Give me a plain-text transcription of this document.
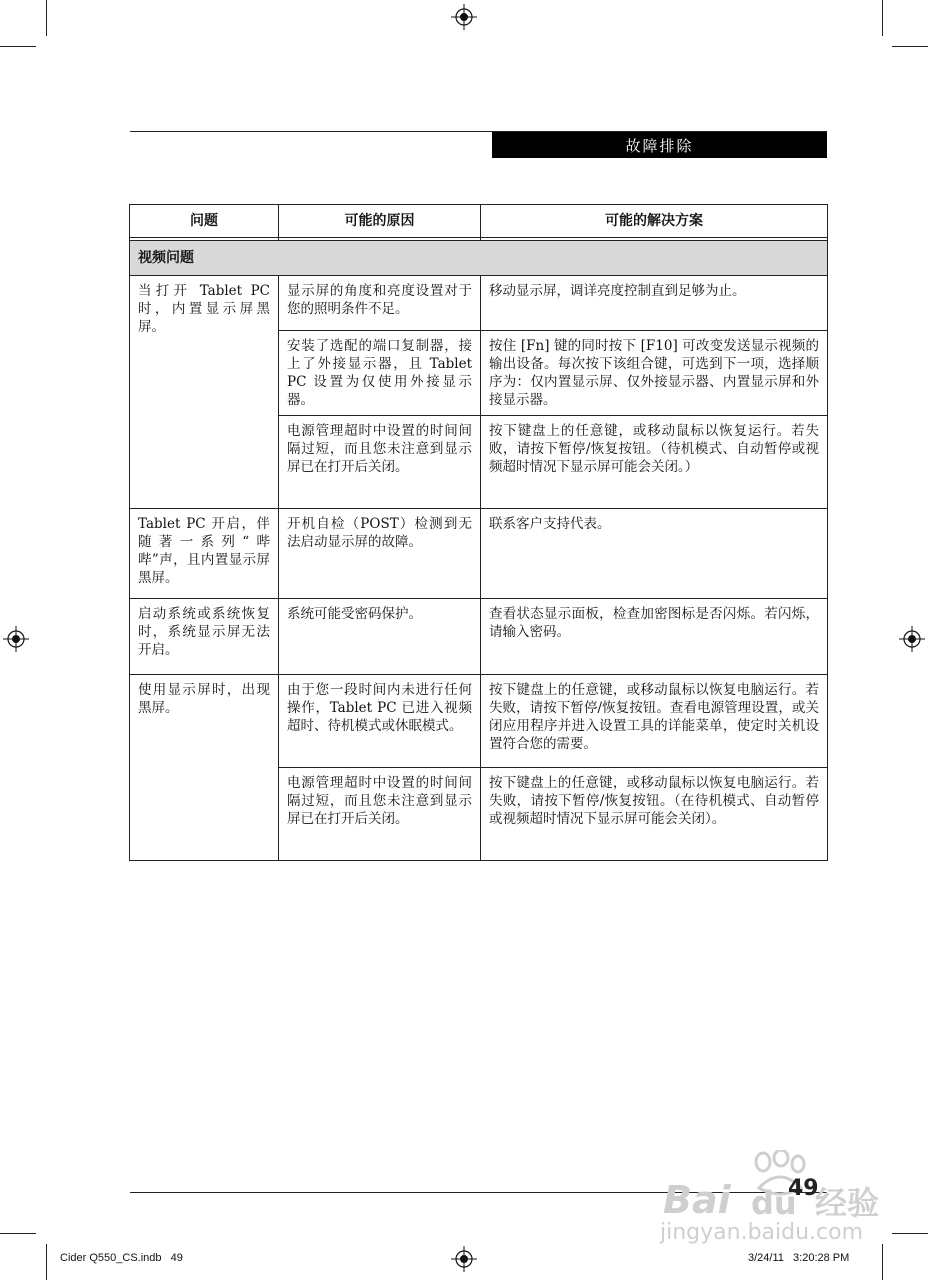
故障排除
问题	可能的原因	可能的解决方案

视频问题		
当打开 Tablet PC 时，内置显示屏黑屏。	显示屏的角度和亮度设置对于您的照明条件不足。	移动显示屏，调详亮度控制直到足够为止。
	安装了选配的端口复制器，接上了外接显示器，且 Tablet PC 设置为仅使用外接显示器。	按住 [Fn] 键的同时按下 [F10] 可改变发送显示视频的输出设备。每次按下该组合键，可选到下一项，选择顺序为：仅内置显示屏、仅外接显示器、内置显示屏和外接显示器。
	电源管理超时中设置的时间间隔过短，而且您未注意到显示屏已在打开后关闭。	按下键盘上的任意键，或移动鼠标以恢复运行。若失败，请按下暂停/恢复按钮。（待机模式、自动暂停或视频超时情况下显示屏可能会关闭。）
Tablet PC 开启，伴随著一系列“哔哔”声，且内置显示屏黑屏。	开机自检（POST）检测到无法启动显示屏的故障。	联系客户支持代表。
启动系统或系统恢复时，系统显示屏无法开启。	系统可能受密码保护。	查看状态显示面板，检查加密图标是否闪烁。若闪烁，请输入密码。
使用显示屏时，出现黑屏。	由于您一段时间内未进行任何操作，Tablet PC 已进入视频超时、待机模式或休眠模式。	按下键盘上的任意键，或移动鼠标以恢复电脑运行。若失败，请按下暂停/恢复按钮。查看电源管理设置，或关闭应用程序并进入设置工具的详能菜单，使定时关机设置符合您的需要。
	电源管理超时中设置的时间间隔过短，而且您未注意到显示屏已在打开后关闭。	按下键盘上的任意键，或移动鼠标以恢复电脑运行。若失败，请按下暂停/恢复按钮。（在待机模式、自动暂停或视频超时情况下显示屏可能会关闭）。
Bai du 经验
jingyan.baidu.com
49
Cider Q550_CS.indb   49	3/24/11   3:20:28 PM
